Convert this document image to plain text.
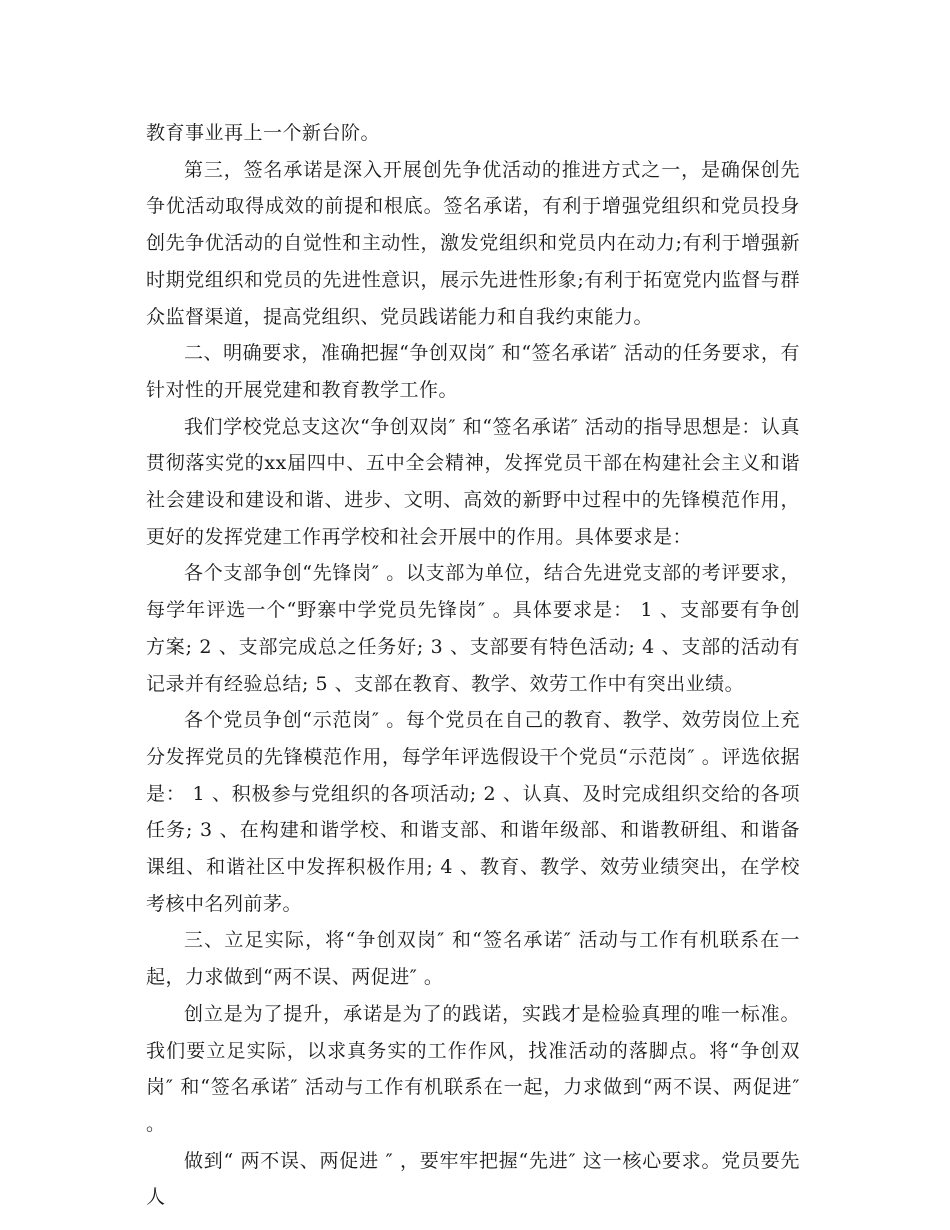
教育事业再上一个新台阶。

第三，签名承诺是深入开展创先争优活动的推进方式之一，是确保创先争优活动取得成效的前提和根底。签名承诺，有利于增强党组织和党员投身创先争优活动的自觉性和主动性，激发党组织和党员内在动力;有利于增强新时期党组织和党员的先进性意识，展示先进性形象;有利于拓宽党内监督与群众监督渠道，提高党组织、党员践诺能力和自我约束能力。

二、明确要求，准确把握“争创双岗″ 和“签名承诺″ 活动的任务要求，有针对性的开展党建和教育教学工作。

我们学校党总支这次“争创双岗″ 和“签名承诺″ 活动的指导思想是：认真贯彻落实党的xx届四中、五中全会精神，发挥党员干部在构建社会主义和谐社会建设和建设和谐、进步、文明、高效的新野中过程中的先锋模范作用，更好的发挥党建工作再学校和社会开展中的作用。具体要求是：

各个支部争创“先锋岗″ 。以支部为单位，结合先进党支部的考评要求，每学年评选一个“野寨中学党员先锋岗″ 。具体要求是： 1 、支部要有争创方案; 2 、支部完成总之任务好; 3 、支部要有特色活动; 4 、支部的活动有记录并有经验总结; 5 、支部在教育、教学、效劳工作中有突出业绩。

各个党员争创“示范岗″ 。每个党员在自己的教育、教学、效劳岗位上充分发挥党员的先锋模范作用，每学年评选假设干个党员“示范岗″ 。评选依据是： 1 、积极参与党组织的各项活动; 2 、认真、及时完成组织交给的各项任务; 3 、在构建和谐学校、和谐支部、和谐年级部、和谐教研组、和谐备课组、和谐社区中发挥积极作用; 4 、教育、教学、效劳业绩突出，在学校考核中名列前茅。

三、立足实际，将“争创双岗″ 和“签名承诺″ 活动与工作有机联系在一起，力求做到“两不误、两促进″ 。

创立是为了提升，承诺是为了的践诺，实践才是检验真理的唯一标准。我们要立足实际，以求真务实的工作作风，找准活动的落脚点。将“争创双岗″ 和“签名承诺″ 活动与工作有机联系在一起，力求做到“两不误、两促进″ 。

做到“ 两不误、两促进 ″ ，要牢牢把握“先进″ 这一核心要求。党员要先人
